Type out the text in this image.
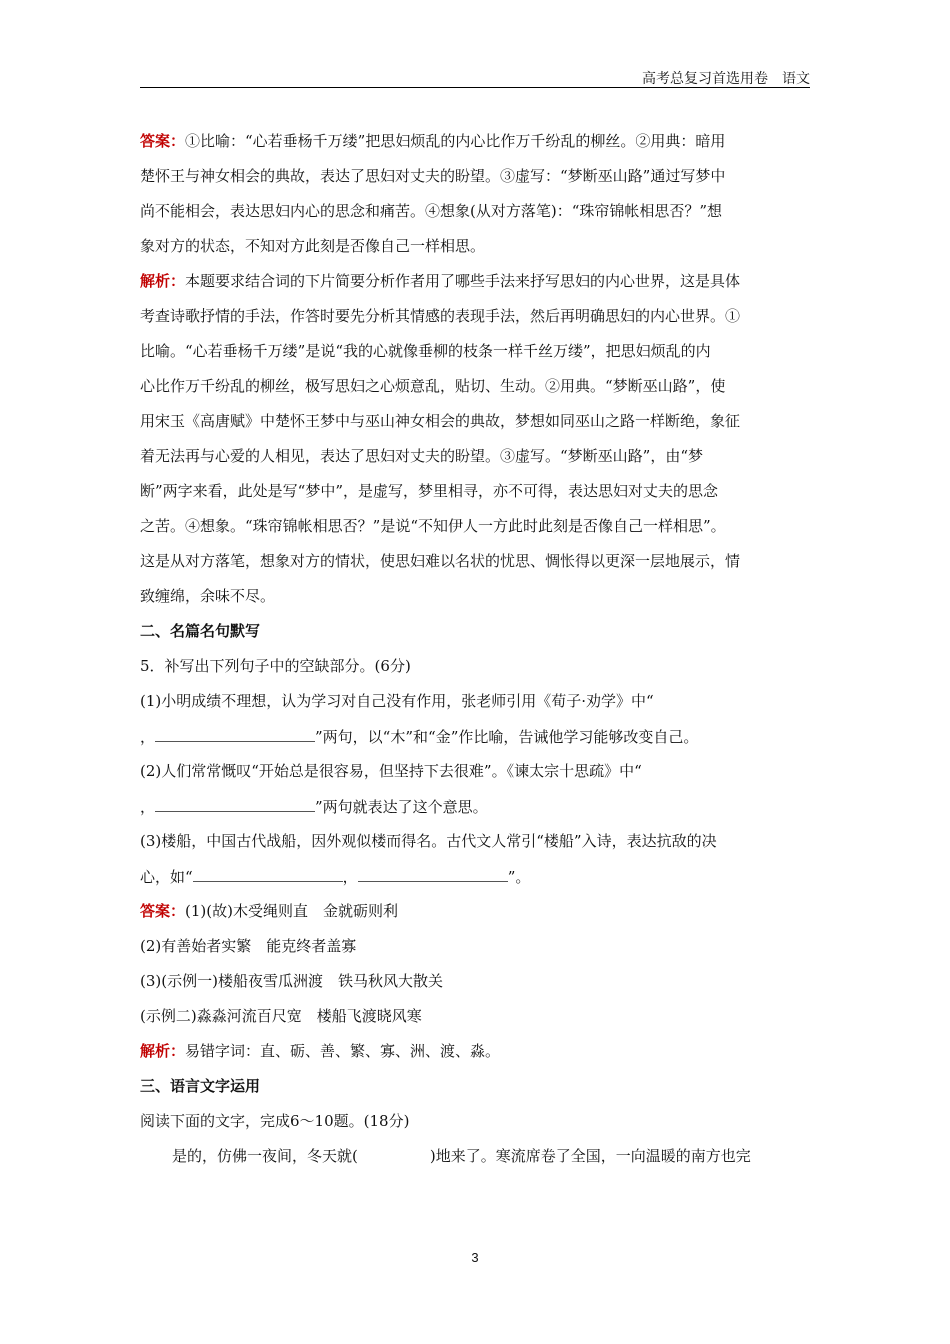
高考总复习首选用卷　语文
答案：①比喻：“心若垂杨千万缕”把思妇烦乱的内心比作万千纷乱的柳丝。②用典：暗用
楚怀王与神女相会的典故，表达了思妇对丈夫的盼望。③虚写：“梦断巫山路”通过写梦中
尚不能相会，表达思妇内心的思念和痛苦。④想象(从对方落笔)：“珠帘锦帐相思否？”想
象对方的状态，不知对方此刻是否像自己一样相思。
解析：本题要求结合词的下片简要分析作者用了哪些手法来抒写思妇的内心世界，这是具体
考查诗歌抒情的手法，作答时要先分析其情感的表现手法，然后再明确思妇的内心世界。①
比喻。“心若垂杨千万缕”是说“我的心就像垂柳的枝条一样千丝万缕”，把思妇烦乱的内
心比作万千纷乱的柳丝，极写思妇之心烦意乱，贴切、生动。②用典。“梦断巫山路”，使
用宋玉《高唐赋》中楚怀王梦中与巫山神女相会的典故，梦想如同巫山之路一样断绝，象征
着无法再与心爱的人相见，表达了思妇对丈夫的盼望。③虚写。“梦断巫山路”，由“梦
断”两字来看，此处是写“梦中”，是虚写，梦里相寻，亦不可得，表达思妇对丈夫的思念
之苦。④想象。“珠帘锦帐相思否？”是说“不知伊人一方此时此刻是否像自己一样相思”。
这是从对方落笔，想象对方的情状，使思妇难以名状的忧思、惆怅得以更深一层地展示，情
致缠绵，余味不尽。
二、名篇名句默写
5．补写出下列句子中的空缺部分。(6分)
(1)小明成绩不理想，认为学习对自己没有作用，张老师引用《荀子·劝学》中“
，	”两句，以“木”和“金”作比喻，告诫他学习能够改变自己。
(2)人们常常慨叹“开始总是很容易，但坚持下去很难”。《谏太宗十思疏》中“
，	”两句就表达了这个意思。
(3)楼船，中国古代战船，因外观似楼而得名。古代文人常引“楼船”入诗，表达抗敌的决
心，如“	，	”。
答案：(1)(故)木受绳则直　金就砺则利
(2)有善始者实繁　能克终者盖寡
(3)(示例一)楼船夜雪瓜洲渡　铁马秋风大散关
(示例二)淼淼河流百尺宽　楼船飞渡晓风寒
解析：易错字词：直、砺、善、繁、寡、洲、渡、淼。
三、语言文字运用
阅读下面的文字，完成6～10题。(18分)
是的，仿佛一夜间，冬天就(	)地来了。寒流席卷了全国，一向温暖的南方也完
3
